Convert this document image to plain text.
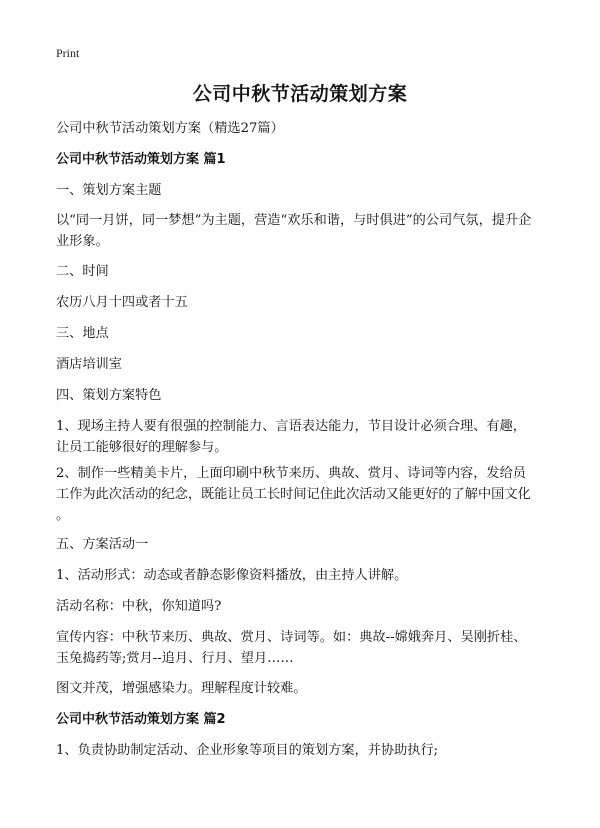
Print
公司中秋节活动策划方案
公司中秋节活动策划方案（精选27篇）
公司中秋节活动策划方案 篇1
一、策划方案主题
以“同一月饼，同一梦想”为主题，营造“欢乐和谐，与时俱进”的公司气氛，提升企
业形象。
二、时间
农历八月十四或者十五
三、地点
酒店培训室
四、策划方案特色
1、现场主持人要有很强的控制能力、言语表达能力，节目设计必须合理、有趣，
让员工能够很好的理解参与。
2、制作一些精美卡片，上面印刷中秋节来历、典故、赏月、诗词等内容，发给员
工作为此次活动的纪念，既能让员工长时间记住此次活动又能更好的了解中国文化
。
五、方案活动一
1、活动形式：动态或者静态影像资料播放，由主持人讲解。
活动名称：中秋，你知道吗?
宣传内容：中秋节来历、典故、赏月、诗词等。如：典故--嫦娥奔月、吴刚折桂、
玉兔捣药等;赏月--追月、行月、望月……
图文并茂，增强感染力。理解程度计较难。
公司中秋节活动策划方案 篇2
1、负责协助制定活动、企业形象等项目的策划方案，并协助执行;
